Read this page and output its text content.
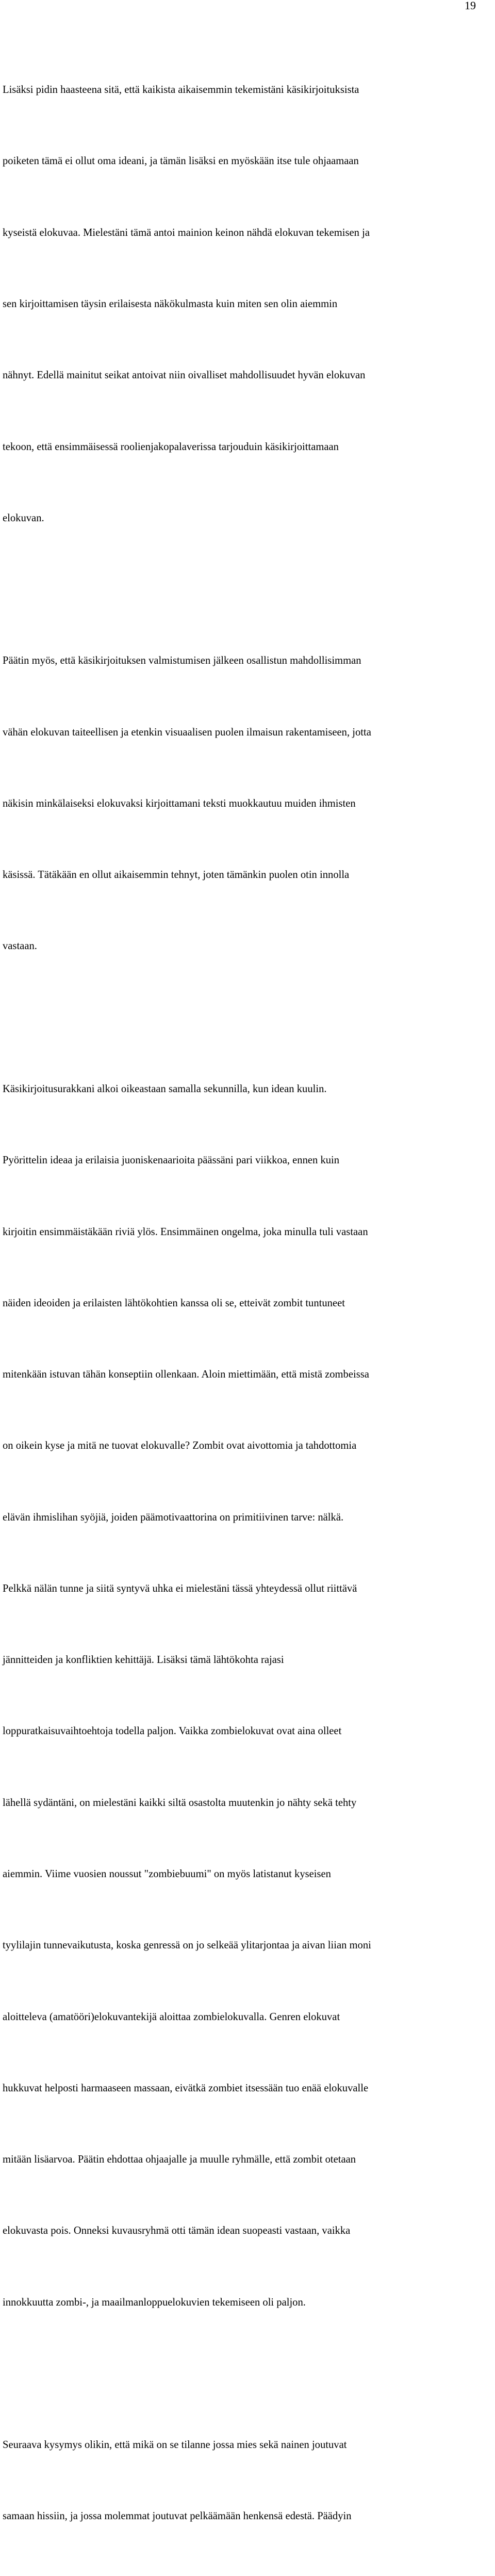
19

Lisäksi pidin haasteena sitä, että kaikista aikaisemmin tekemistäni käsikirjoituksista

poiketen tämä ei ollut oma ideani, ja tämän lisäksi en myöskään itse tule ohjaamaan

kyseistä elokuvaa. Mielestäni tämä antoi mainion keinon nähdä elokuvan tekemisen ja

sen kirjoittamisen täysin erilaisesta näkökulmasta kuin miten sen olin aiemmin

nähnyt. Edellä mainitut seikat antoivat niin oivalliset mahdollisuudet hyvän elokuvan

tekoon, että ensimmäisessä roolienjakopalaverissa tarjouduin käsikirjoittamaan

elokuvan.

Päätin myös, että käsikirjoituksen valmistumisen jälkeen osallistun mahdollisimman

vähän elokuvan taiteellisen ja etenkin visuaalisen puolen ilmaisun rakentamiseen, jotta

näkisin minkälaiseksi elokuvaksi kirjoittamani teksti muokkautuu muiden ihmisten

käsissä. Tätäkään en ollut aikaisemmin tehnyt, joten tämänkin puolen otin innolla

vastaan.

Käsikirjoitusurakkani alkoi oikeastaan samalla sekunnilla, kun idean kuulin.

Pyörittelin ideaa ja erilaisia juoniskenaarioita päässäni pari viikkoa, ennen kuin

kirjoitin ensimmäistäkään riviä ylös. Ensimmäinen ongelma, joka minulla tuli vastaan

näiden ideoiden ja erilaisten lähtökohtien kanssa oli se, etteivät zombit tuntuneet

mitenkään istuvan tähän konseptiin ollenkaan. Aloin miettimään, että mistä zombeissa

on oikein kyse ja mitä ne tuovat elokuvalle? Zombit ovat aivottomia ja tahdottomia

elävän ihmislihan syöjiä, joiden päämotivaattorina on primitiivinen tarve: nälkä.

Pelkkä nälän tunne ja siitä syntyvä uhka ei mielestäni tässä yhteydessä ollut riittävä

jännitteiden ja konfliktien kehittäjä. Lisäksi tämä lähtökohta rajasi

loppuratkaisuvaihtoehtoja todella paljon. Vaikka zombielokuvat ovat aina olleet

lähellä sydäntäni, on mielestäni kaikki siltä osastolta muutenkin jo nähty sekä tehty

aiemmin. Viime vuosien noussut "zombiebuumi" on myös latistanut kyseisen

tyylilajin tunnevaikutusta, koska genressä on jo selkeää ylitarjontaa ja aivan liian moni

aloitteleva (amatööri)elokuvantekijä aloittaa zombielokuvalla. Genren elokuvat

hukkuvat helposti harmaaseen massaan, eivätkä zombiet itsessään tuo enää elokuvalle

mitään lisäarvoa. Päätin ehdottaa ohjaajalle ja muulle ryhmälle, että zombit otetaan

elokuvasta pois. Onneksi kuvausryhmä otti tämän idean suopeasti vastaan, vaikka

innokkuutta zombi-, ja maailmanloppuelokuvien tekemiseen oli paljon.

Seuraava kysymys olikin, että mikä on se tilanne jossa mies sekä nainen joutuvat

samaan hissiin, ja jossa molemmat joutuvat pelkäämään henkensä edestä. Päädyin
